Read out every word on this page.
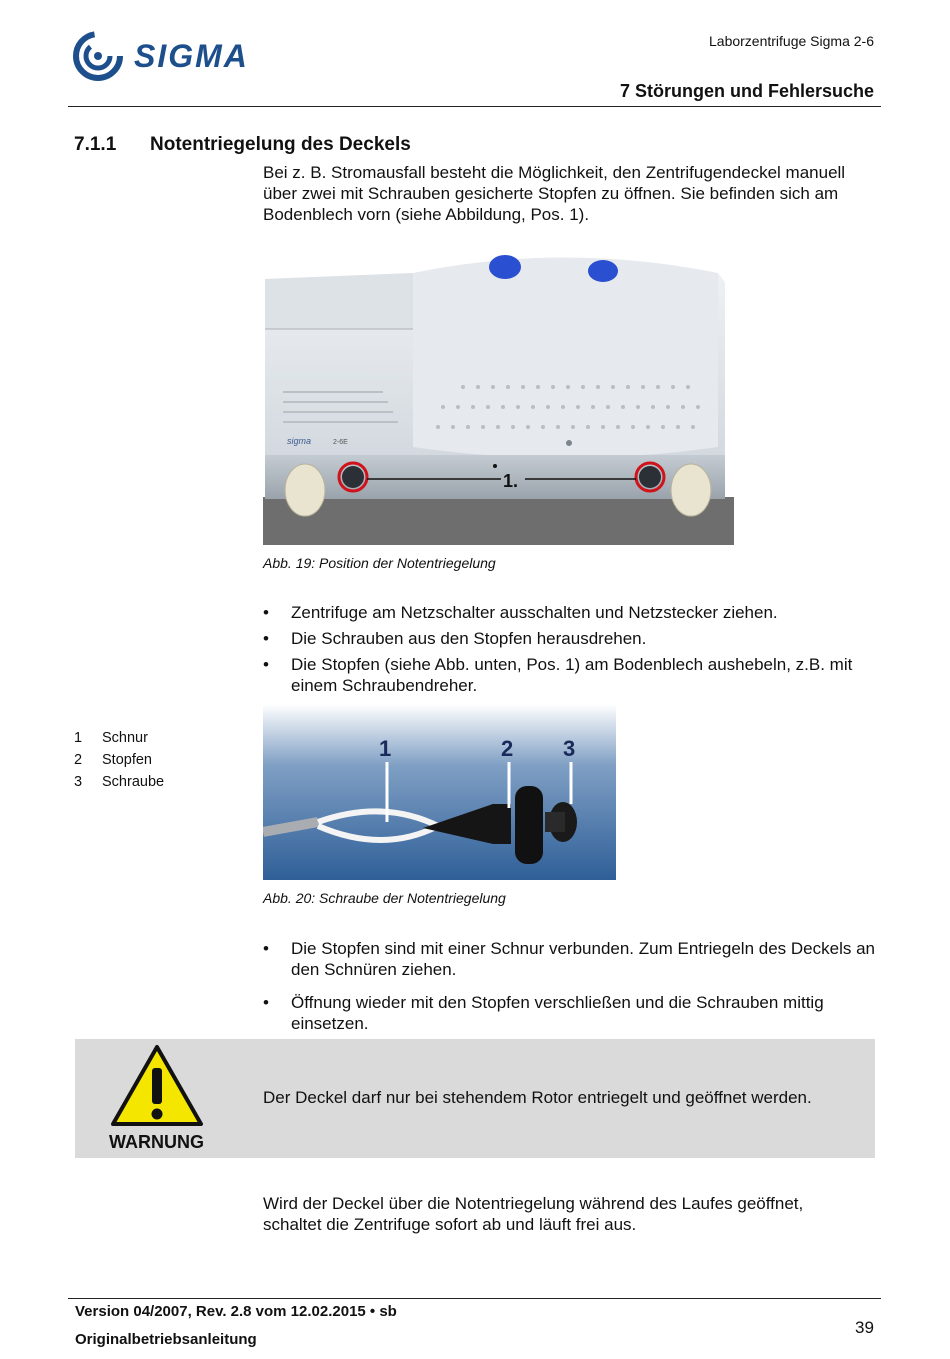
SIGMA	Laborzentrifuge Sigma 2-6
7 Störungen und Fehlersuche
7.1.1 Notentriegelung des Deckels
Bei z. B. Stromausfall besteht die Möglichkeit, den Zentrifugendeckel manuell über zwei mit Schrauben gesicherte Stopfen zu öffnen. Sie befinden sich am Bodenblech vorn (siehe Abbildung, Pos. 1).
sigma	2-6E
1.
Abb. 19: Position der Notentriegelung
• Zentrifuge am Netzschalter ausschalten und Netzstecker ziehen.
• Die Schrauben aus den Stopfen herausdrehen.
• Die Stopfen (siehe Abb. unten, Pos. 1) am Bodenblech aushebeln, z.B. mit einem Schraubendreher.
1	Schnur
2	Stopfen
3	Schraube
1	2 3
Abb. 20: Schraube der Notentriegelung
• Die Stopfen sind mit einer Schnur verbunden. Zum Entriegeln des Deckels an den Schnüren ziehen.
• Öffnung wieder mit den Stopfen verschließen und die Schrauben mittig einsetzen.
WARNUNG
Der Deckel darf nur bei stehendem Rotor entriegelt und geöffnet werden.
Wird der Deckel über die Notentriegelung während des Laufes geöffnet, schaltet die Zentrifuge sofort ab und läuft frei aus.
Version 04/2007, Rev. 2.8 vom 12.02.2015 • sb
Originalbetriebsanleitung
39
